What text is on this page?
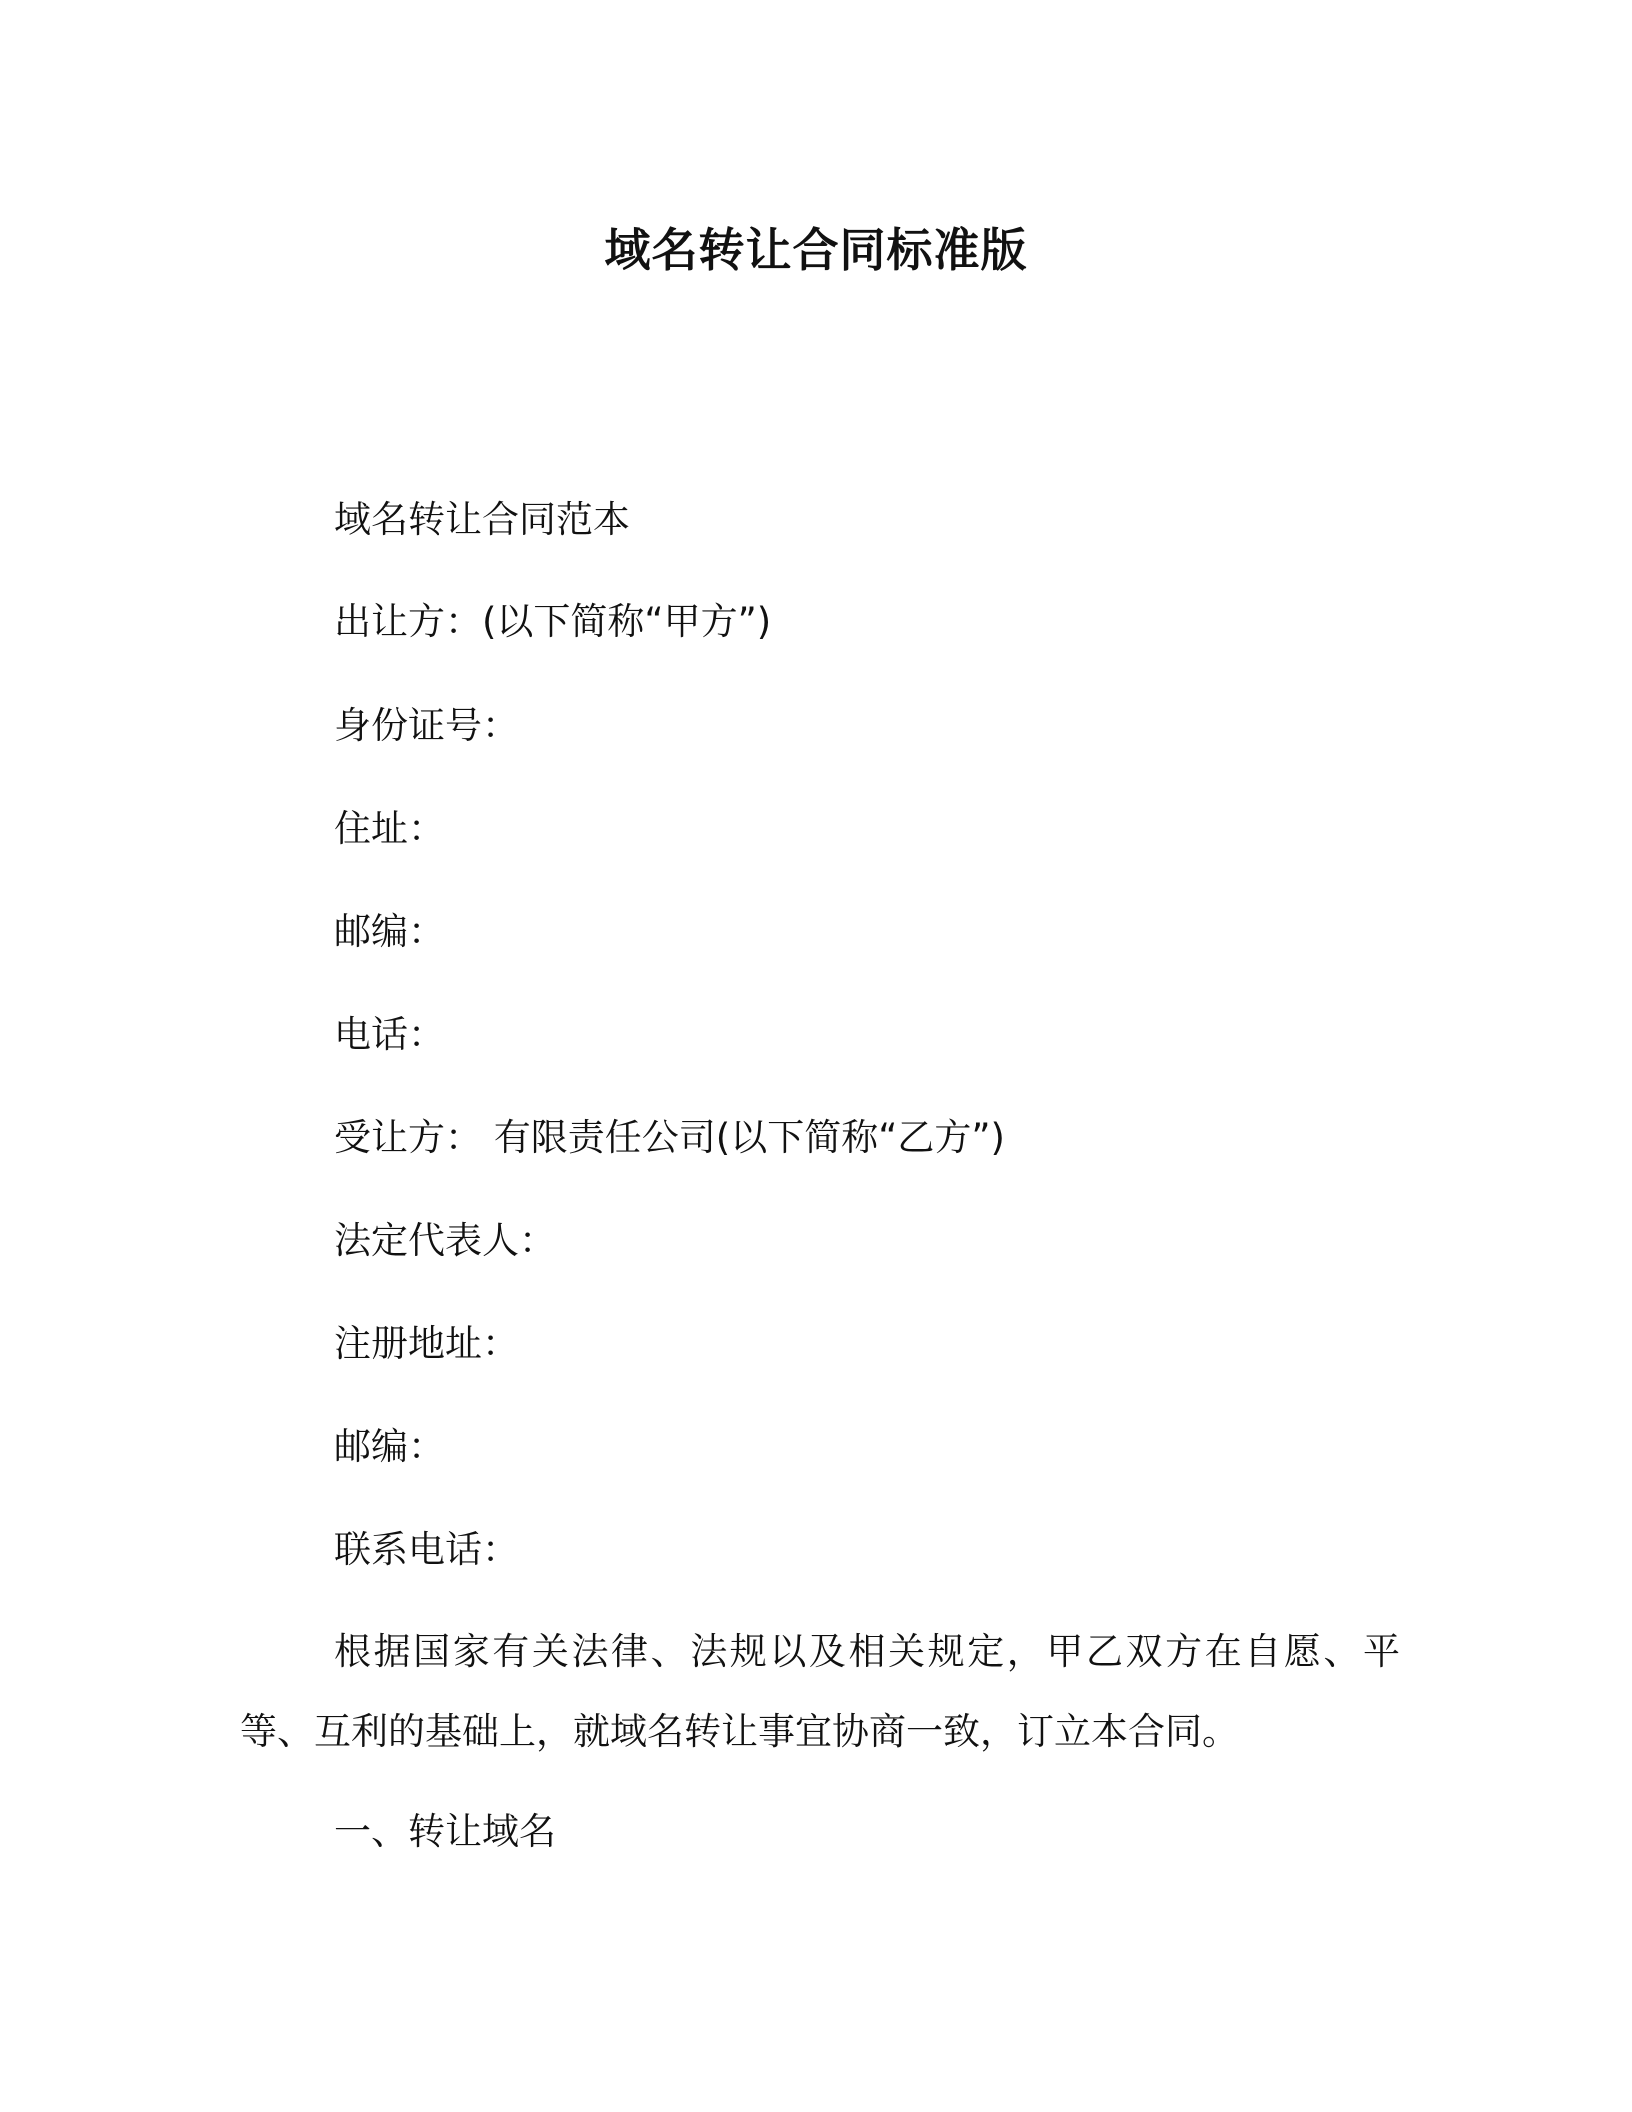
域名转让合同标准版

域名转让合同范本

出让方：(以下简称“甲方”)

身份证号：

住址：

邮编：

电话：

受让方： 有限责任公司(以下简称“乙方”)

法定代表人：

注册地址：

邮编：

联系电话：

根据国家有关法律、法规以及相关规定，甲乙双方在自愿、平等、互利的基础上，就域名转让事宜协商一致，订立本合同。

一、转让域名
